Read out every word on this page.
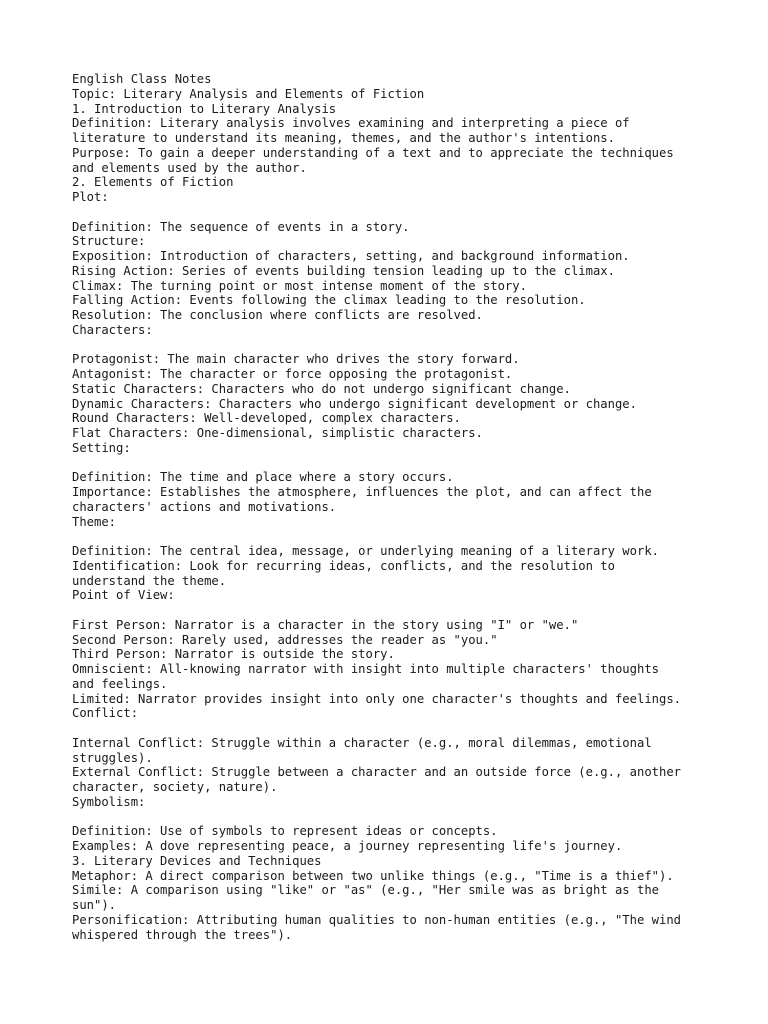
English Class Notes
Topic: Literary Analysis and Elements of Fiction
1. Introduction to Literary Analysis
Definition: Literary analysis involves examining and interpreting a piece of
literature to understand its meaning, themes, and the author's intentions.
Purpose: To gain a deeper understanding of a text and to appreciate the techniques
and elements used by the author.
2. Elements of Fiction
Plot:
Definition: The sequence of events in a story.
Structure:
Exposition: Introduction of characters, setting, and background information.
Rising Action: Series of events building tension leading up to the climax.
Climax: The turning point or most intense moment of the story.
Falling Action: Events following the climax leading to the resolution.
Resolution: The conclusion where conflicts are resolved.
Characters:
Protagonist: The main character who drives the story forward.
Antagonist: The character or force opposing the protagonist.
Static Characters: Characters who do not undergo significant change.
Dynamic Characters: Characters who undergo significant development or change.
Round Characters: Well-developed, complex characters.
Flat Characters: One-dimensional, simplistic characters.
Setting:
Definition: The time and place where a story occurs.
Importance: Establishes the atmosphere, influences the plot, and can affect the
characters' actions and motivations.
Theme:
Definition: The central idea, message, or underlying meaning of a literary work.
Identification: Look for recurring ideas, conflicts, and the resolution to
understand the theme.
Point of View:
First Person: Narrator is a character in the story using "I" or "we."
Second Person: Rarely used, addresses the reader as "you."
Third Person: Narrator is outside the story.
Omniscient: All-knowing narrator with insight into multiple characters' thoughts
and feelings.
Limited: Narrator provides insight into only one character's thoughts and feelings.
Conflict:
Internal Conflict: Struggle within a character (e.g., moral dilemmas, emotional
struggles).
External Conflict: Struggle between a character and an outside force (e.g., another
character, society, nature).
Symbolism:
Definition: Use of symbols to represent ideas or concepts.
Examples: A dove representing peace, a journey representing life's journey.
3. Literary Devices and Techniques
Metaphor: A direct comparison between two unlike things (e.g., "Time is a thief").
Simile: A comparison using "like" or "as" (e.g., "Her smile was as bright as the
sun").
Personification: Attributing human qualities to non-human entities (e.g., "The wind
whispered through the trees").
